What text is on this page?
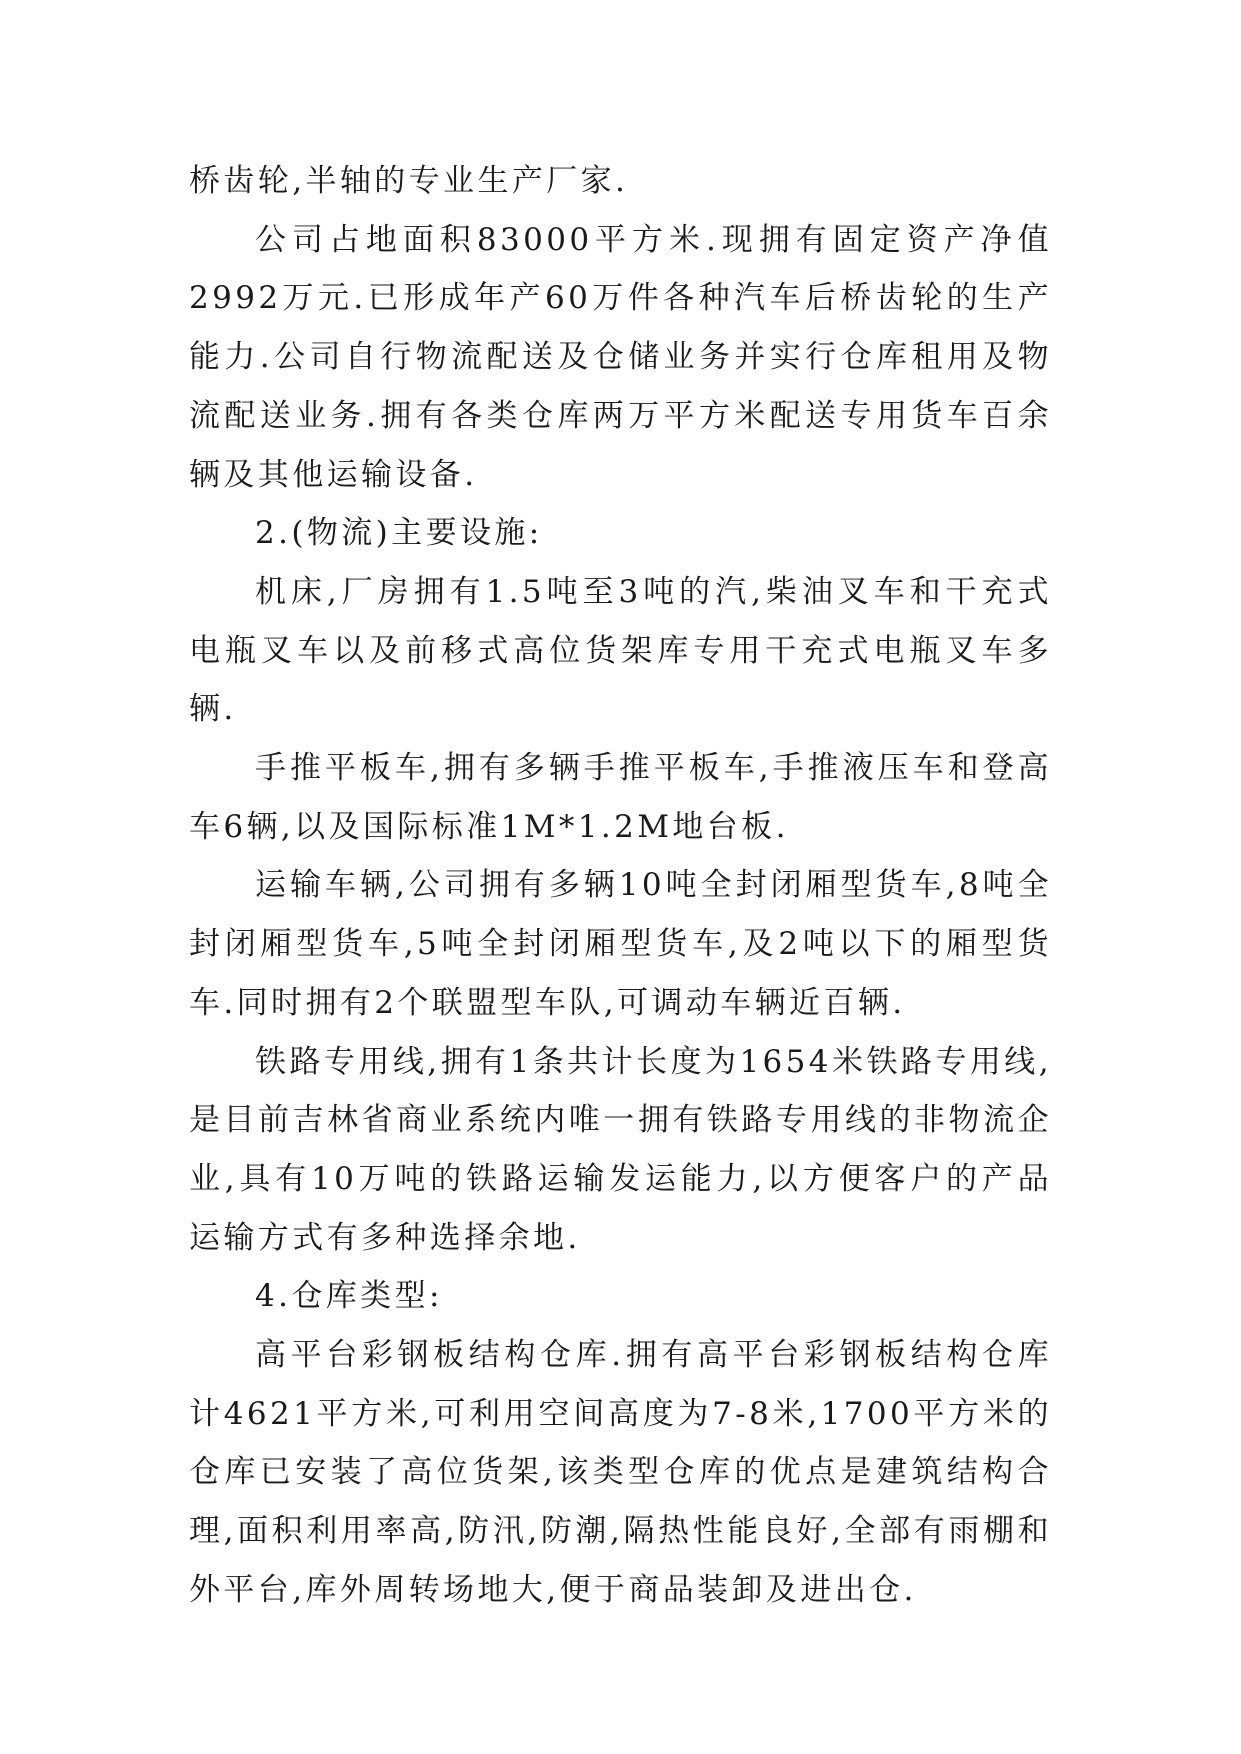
桥齿轮,半轴的专业生产厂家.

公司占地面积83000平方米.现拥有固定资产净值2992万元.已形成年产60万件各种汽车后桥齿轮的生产能力.公司自行物流配送及仓储业务并实行仓库租用及物流配送业务.拥有各类仓库两万平方米配送专用货车百余辆及其他运输设备.

2.(物流)主要设施:

机床,厂房拥有1.5吨至3吨的汽,柴油叉车和干充式电瓶叉车以及前移式高位货架库专用干充式电瓶叉车多辆.

手推平板车,拥有多辆手推平板车,手推液压车和登高车6辆,以及国际标准1M*1.2M地台板.

运输车辆,公司拥有多辆10吨全封闭厢型货车,8吨全封闭厢型货车,5吨全封闭厢型货车,及2吨以下的厢型货车.同时拥有2个联盟型车队,可调动车辆近百辆.

铁路专用线,拥有1条共计长度为1654米铁路专用线,是目前吉林省商业系统内唯一拥有铁路专用线的非物流企业,具有10万吨的铁路运输发运能力,以方便客户的产品运输方式有多种选择余地.

4.仓库类型:

高平台彩钢板结构仓库.拥有高平台彩钢板结构仓库计4621平方米,可利用空间高度为7-8米,1700平方米的仓库已安装了高位货架,该类型仓库的优点是建筑结构合理,面积利用率高,防汛,防潮,隔热性能良好,全部有雨棚和外平台,库外周转场地大,便于商品装卸及进出仓.
